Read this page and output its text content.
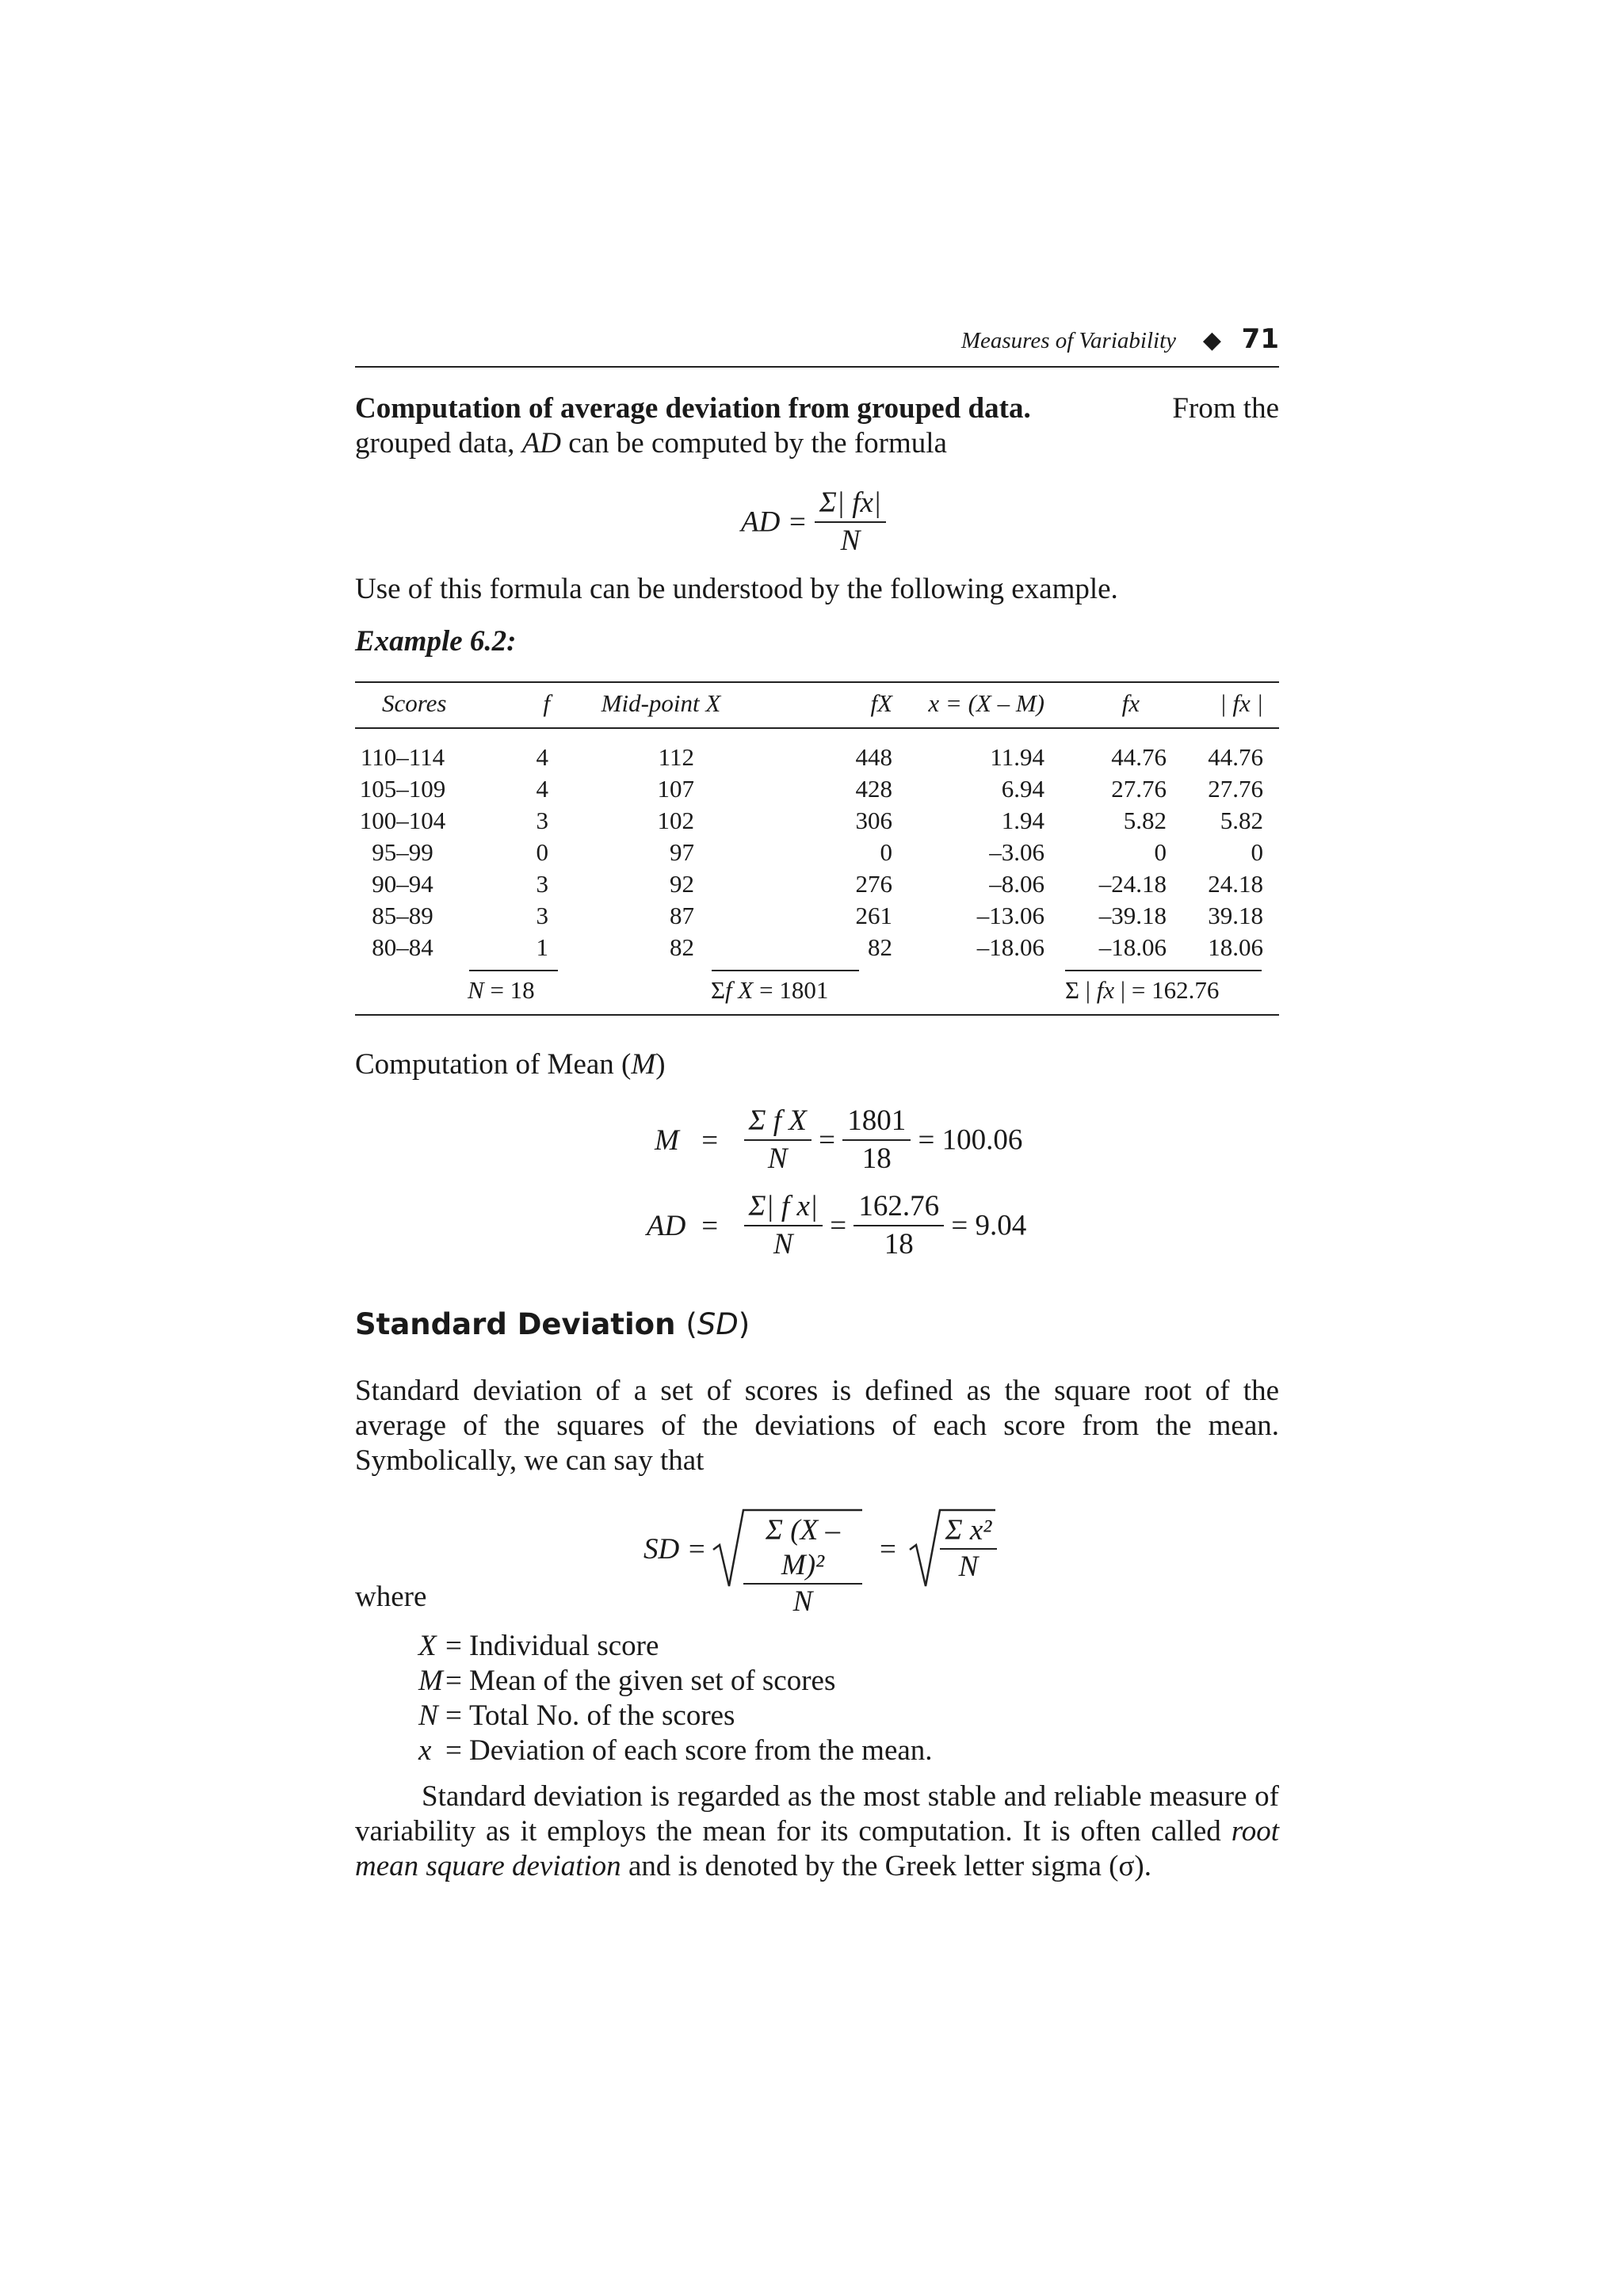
Measures of Variability ◆ 71
Computation of average deviation from grouped data.	From the
grouped data, AD can be computed by the formula
AD = $\frac{\Sigma| fx|}{N}$
Use of this formula can be understood by the following example.
Example 6.2:
Scores	f	Mid-point X	fX	x = (X – M)	fx	| fx |

110–114	4	112	448	11.94	44.76	44.76
105–109	4	107	428	6.94	27.76	27.76
100–104	3	102	306	1.94	5.82	5.82
95–99	0	97	0	–3.06	0	0
90–94	3	92	276	–8.06	–24.18	24.18
85–89	3	87	261	–13.06	–39.18	39.18
80–84	1	82	82	–18.06	–18.06	18.06
N = 18	Σf X = 1801	Σ | fx | = 162.76
Computation of Mean (M)
$M = \frac{\text{Σ f X}}{N} = \frac{1801}{18} = 100.06$
AD = $\frac{\text{Σ| f x|}}{N} = \frac{162.76}{18} = 9.04$
Standard Deviation (SD)
Standard deviation of a set of scores is defined as the square root of the average of the squares of the deviations of each score from the mean. Symbolically, we can say that
SD = $\frac{\text{Σ (X – M)²}}{N} = \frac{\text{Σ x²}}{N}$
where
X = Individual score
M= Mean of the given set of scores
N = Total No. of the scores
x = Deviation of each score from the mean.
Standard deviation is regarded as the most stable and reliable measure of variability as it employs the mean for its computation. It is often called root mean square deviation and is denoted by the Greek letter sigma (σ).
